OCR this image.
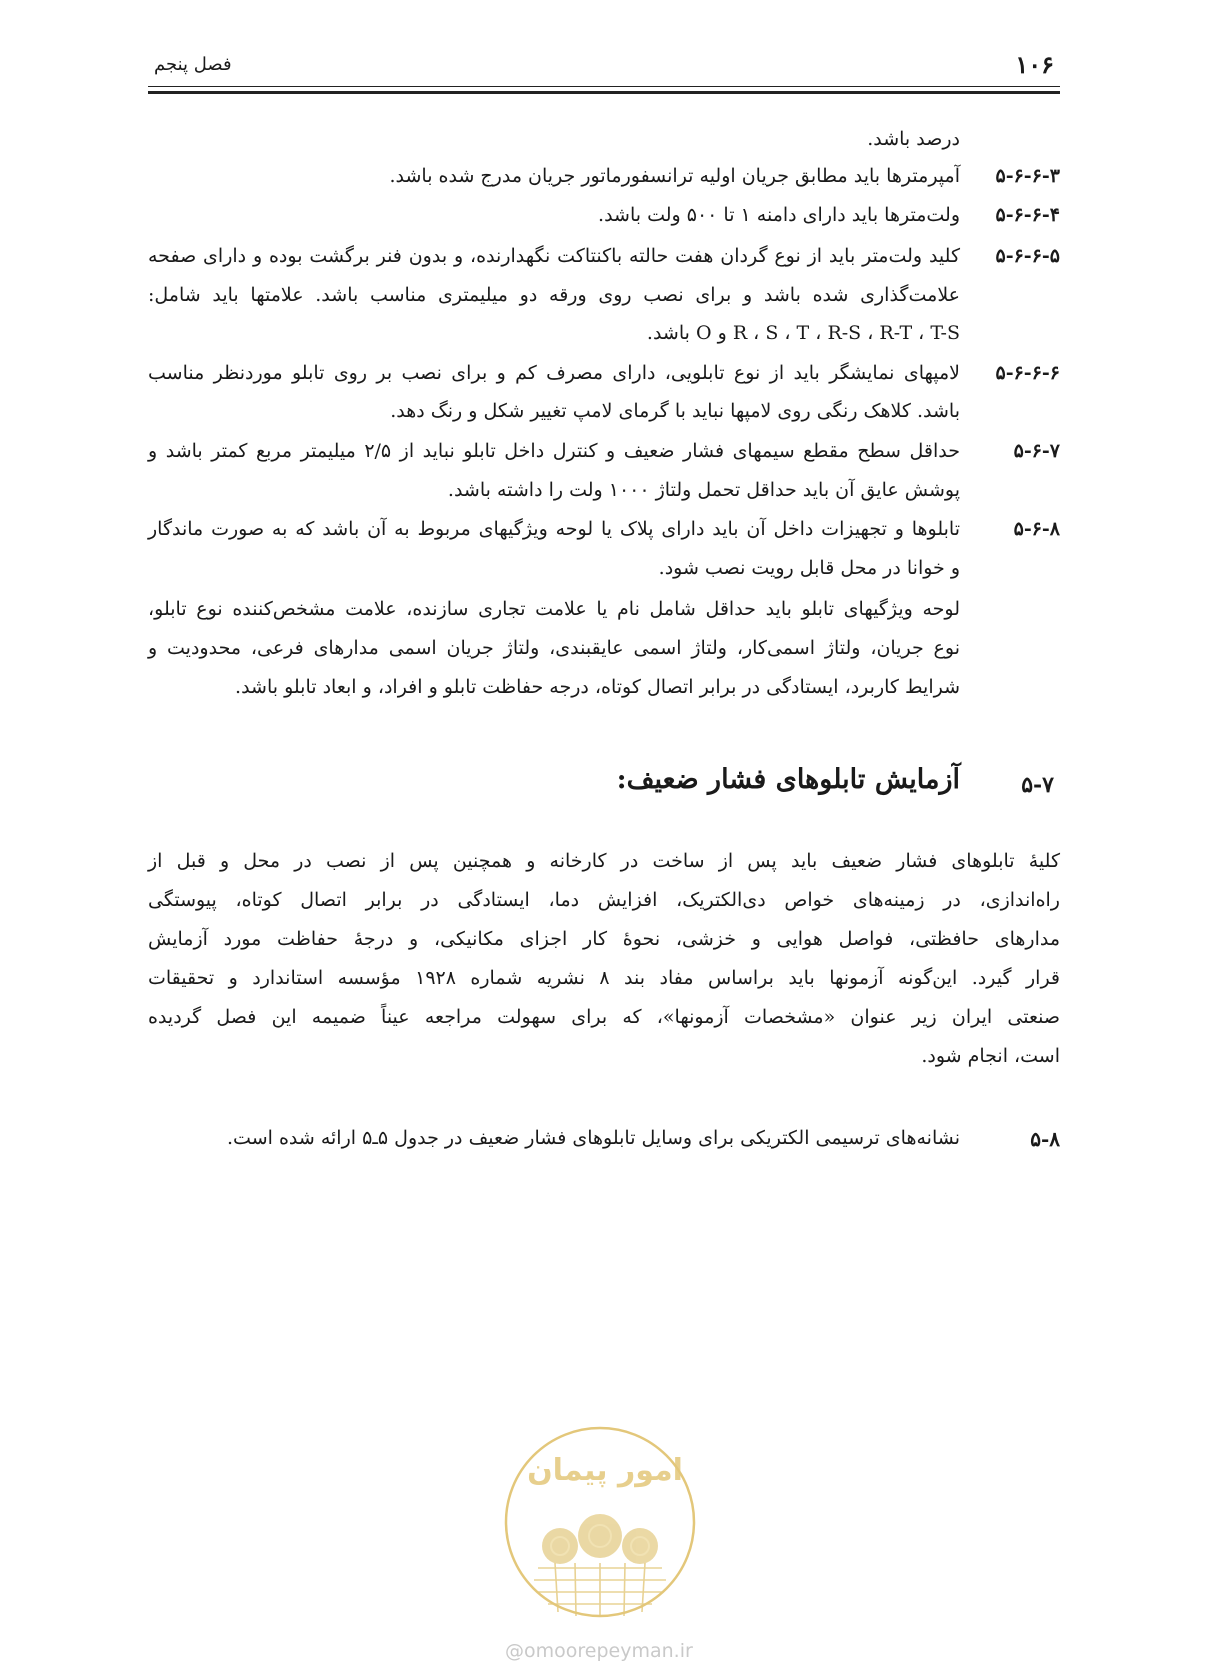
۱۰۶
فصل پنجم
درصد باشد.
۵-۶-۶-۳
آمپرمترها باید مطابق جریان اولیه ترانسفورماتور جریان مدرج شده باشد.
۵-۶-۶-۴
ولت‌مترها باید دارای دامنه ۱ تا ۵۰۰ ولت باشد.
۵-۶-۶-۵
کلید ولت‌متر باید از نوع گردان هفت حالته باکنتاکت نگهدارنده، و بدون فنر برگشت بوده و دارای صفحه
علامت‌گذاری شده باشد و برای نصب روی ورقه دو میلیمتری مناسب باشد. علامتها باید شامل:
R ، S ، T ، R-S ، R-T ، T-S و O باشد.
۵-۶-۶-۶
لامپهای نمایشگر باید از نوع تابلویی، دارای مصرف کم و برای نصب بر روی تابلو موردنظر مناسب
باشد. کلاهک رنگی روی لامپها نباید با گرمای لامپ تغییر شکل و رنگ دهد.
۵-۶-۷
حداقل سطح مقطع سیمهای فشار ضعیف و کنترل داخل تابلو نباید از ۲/۵ میلیمتر مربع کمتر باشد و
پوشش عایق آن باید حداقل تحمل ولتاژ ۱۰۰۰ ولت را داشته باشد.
۵-۶-۸
تابلوها و تجهیزات داخل آن باید دارای پلاک یا لوحه ویژگیهای مربوط به آن باشد که به صورت ماندگار
و خوانا در محل قابل رویت نصب شود.
لوحه ویژگیهای تابلو باید حداقل شامل نام یا علامت تجاری سازنده، علامت مشخص‌کننده نوع تابلو،
نوع جریان، ولتاژ اسمی‌کار، ولتاژ اسمی عایقبندی، ولتاژ جریان اسمی مدارهای فرعی، محدودیت و
شرایط کاربرد، ایستادگی در برابر اتصال کوتاه، درجه حفاظت تابلو و افراد، و ابعاد تابلو باشد.
۵-۷
آزمایش تابلوهای فشار ضعیف:
کلیهٔ تابلوهای فشار ضعیف باید پس از ساخت در کارخانه و همچنین پس از نصب در محل و قبل از
راه‌اندازی، در زمینه‌های خواص دی‌الکتریک، افزایش دما، ایستادگی در برابر اتصال کوتاه، پیوستگی
مدارهای حافظتی، فواصل هوایی و خزشی، نحوهٔ کار اجزای مکانیکی، و درجهٔ حفاظت مورد آزمایش
قرار گیرد. این‌گونه آزمونها باید براساس مفاد بند ۸ نشریه شماره ۱۹۲۸ مؤسسه استاندارد و تحقیقات
صنعتی ایران زیر عنوان «مشخصات آزمونها»، که برای سهولت مراجعه عیناً ضمیمه این فصل گردیده
است، انجام شود.
۵-۸
نشانه‌های ترسیمی الکتریکی برای وسایل تابلوهای فشار ضعیف در جدول ۵ـ۵ ارائه شده است.
امور پیمان
@omoorepeyman.ir
